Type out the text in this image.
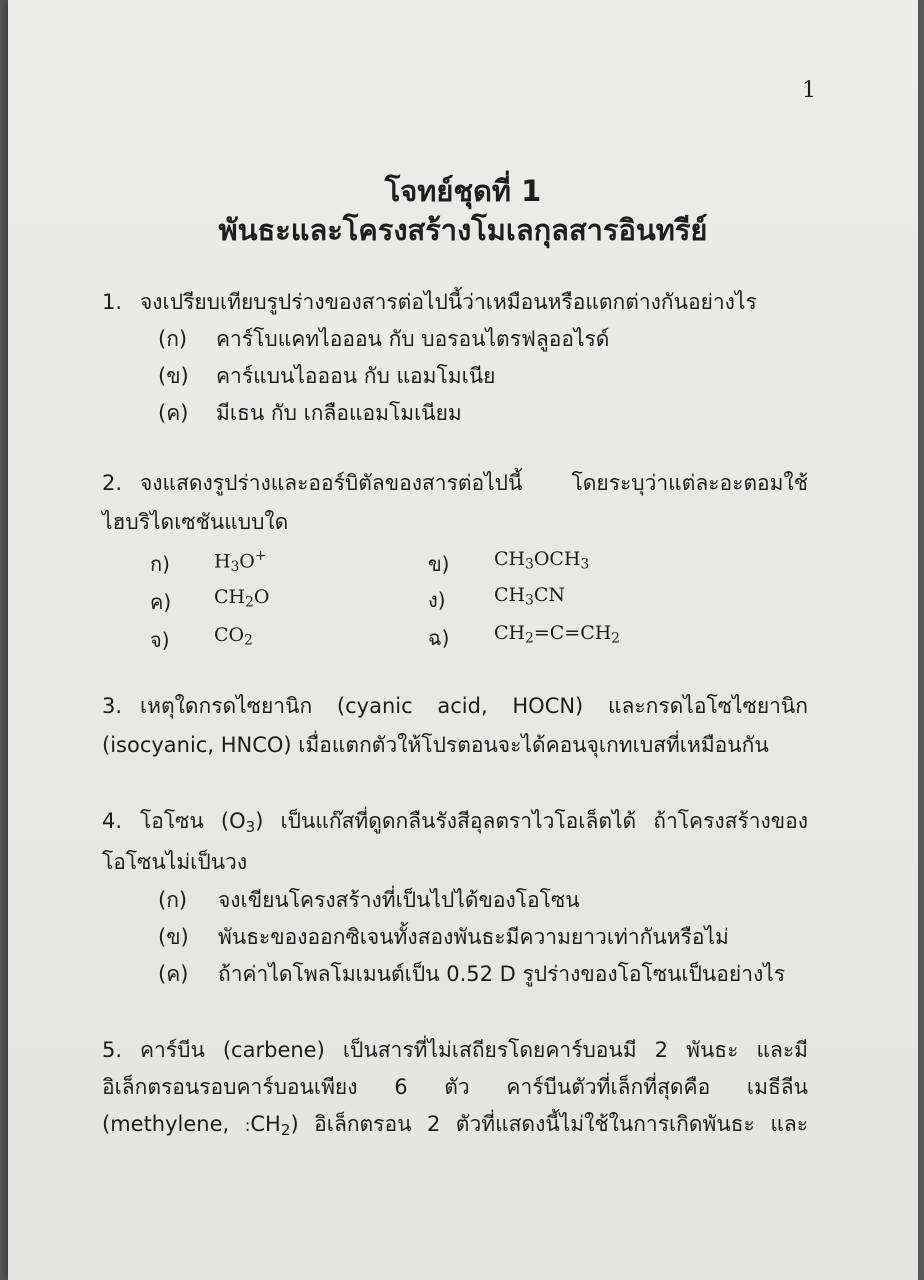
1
โจทย์ชุดที่ 1
พันธะและโครงสร้างโมเลกุลสารอินทรีย์
1. จงเปรียบเทียบรูปร่างของสารต่อไปนี้ว่าเหมือนหรือแตกต่างกันอย่างไร
(ก) คาร์โบแคทไอออน กับ บอรอนไตรฟลูออไรด์
(ข) คาร์แบนไอออน กับ แอมโมเนีย
(ค) มีเธน กับ เกลือแอมโมเนียม
2. จงแสดงรูปร่างและออร์บิตัลของสารต่อไปนี้ โดยระบุว่าแต่ละอะตอมใช้
ไฮบริไดเซชันแบบใด
ก) $H_3O^+$	ข) $CH_3OCH_3$
ค) $CH_2O$	ง)	$CH_3CN$
จ) $CO_2$	ฉ) $CH_2=C=CH_2$
3. เหตุใดกรดไซยานิก (cyanic acid, HOCN) และกรดไอโซไซยานิก
(isocyanic, HNCO) เมื่อแตกตัวให้โปรตอนจะได้คอนจุเกทเบสที่เหมือนกัน
4. โอโซน $(O_3)$ เป็นแก๊สที่ดูดกลืนรังสีอุลตราไวโอเล็ตได้ ถ้าโครงสร้างของ
โอโซนไม่เป็นวง
(ก) จงเขียนโครงสร้างที่เป็นไปได้ของโอโซน
(ข) พันธะของออกซิเจนทั้งสองพันธะมีความยาวเท่ากันหรือไม่
(ค) ถ้าค่าไดโพลโมเมนต์เป็น 0.52 D รูปร่างของโอโซนเป็นอย่างไร
5. คาร์บีน (carbene) เป็นสารที่ไม่เสถียรโดยคาร์บอนมี 2 พันธะ และมี
อิเล็กตรอนรอบคาร์บอนเพียง 6 ตัว คาร์บีนตัวที่เล็กที่สุดคือ เมธีลีน
(methylene, $:CH_2$) อิเล็กตรอน 2 ตัวที่แสดงนี้ไม่ใช้ในการเกิดพันธะ และ
